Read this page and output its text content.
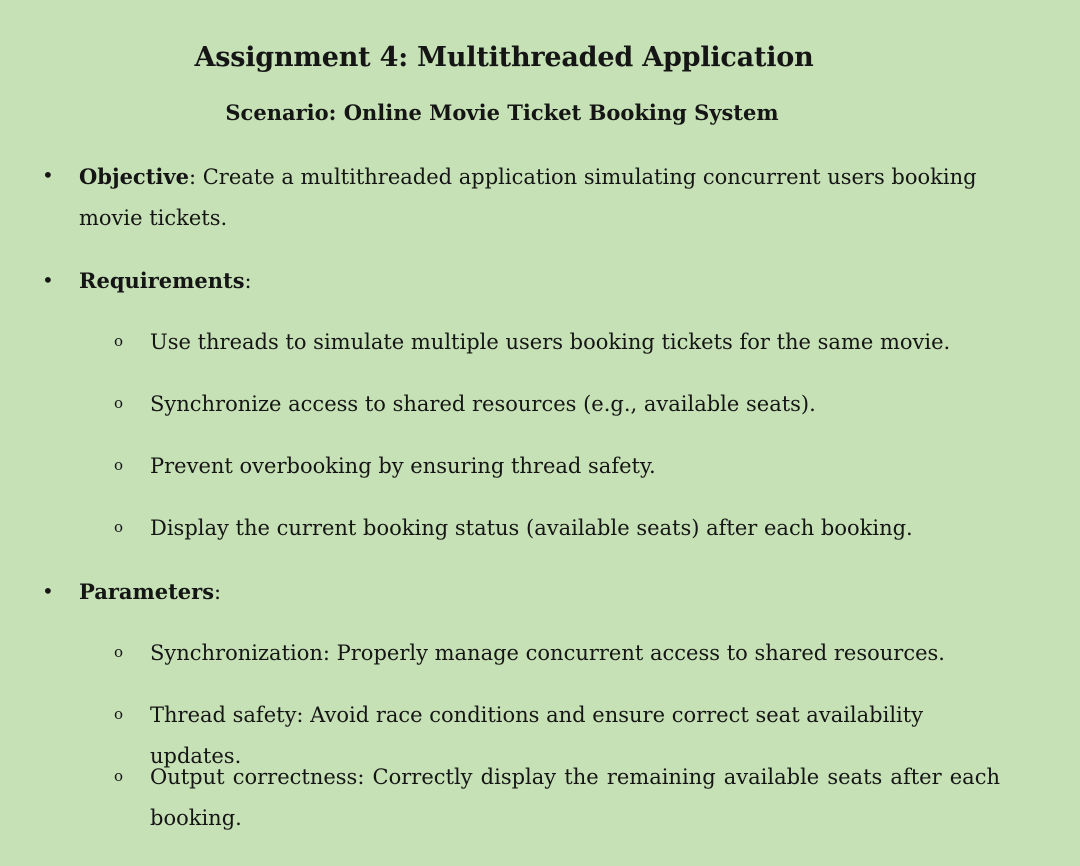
Assignment 4: Multithreaded Application
Scenario: Online Movie Ticket Booking System
• Objective: Create a multithreaded application simulating concurrent users booking movie tickets.
• Requirements:
o Use threads to simulate multiple users booking tickets for the same movie.
o Synchronize access to shared resources (e.g., available seats).
o Prevent overbooking by ensuring thread safety.
o Display the current booking status (available seats) after each booking.
• Parameters:
o Synchronization: Properly manage concurrent access to shared resources.
o Thread safety: Avoid race conditions and ensure correct seat availability updates.
o Output correctness: Correctly display the remaining available seats after each booking.
